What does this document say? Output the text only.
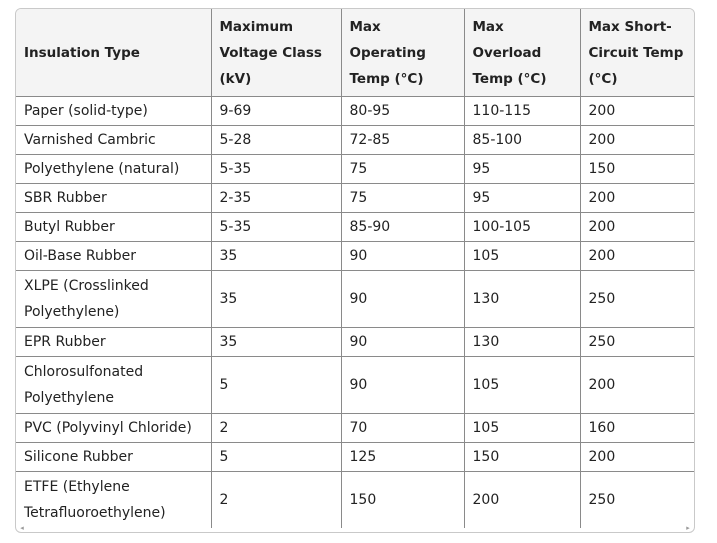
Insulation Type	Maximum Voltage Class (kV)	Max Operating Temp (°C)	Max Overload Temp (°C)	Max Short-Circuit Temp (°C)
Paper (solid-type)	9-69	80-95	110-115	200
Varnished Cambric	5-28	72-85	85-100	200
Polyethylene (natural)	5-35	75	95	150
SBR Rubber	2-35	75	95	200
Butyl Rubber	5-35	85-90	100-105	200
Oil-Base Rubber	35	90	105	200
XLPE (Crosslinked Polyethylene)	35	90	130	250
EPR Rubber	35	90	130	250
Chlorosulfonated Polyethylene	5	90	105	200
PVC (Polyvinyl Chloride)	2	70	105	160
Silicone Rubber	5	125	150	200
ETFE (Ethylene Tetrafluoroethylene)	2	150	200	250
◂	▸
